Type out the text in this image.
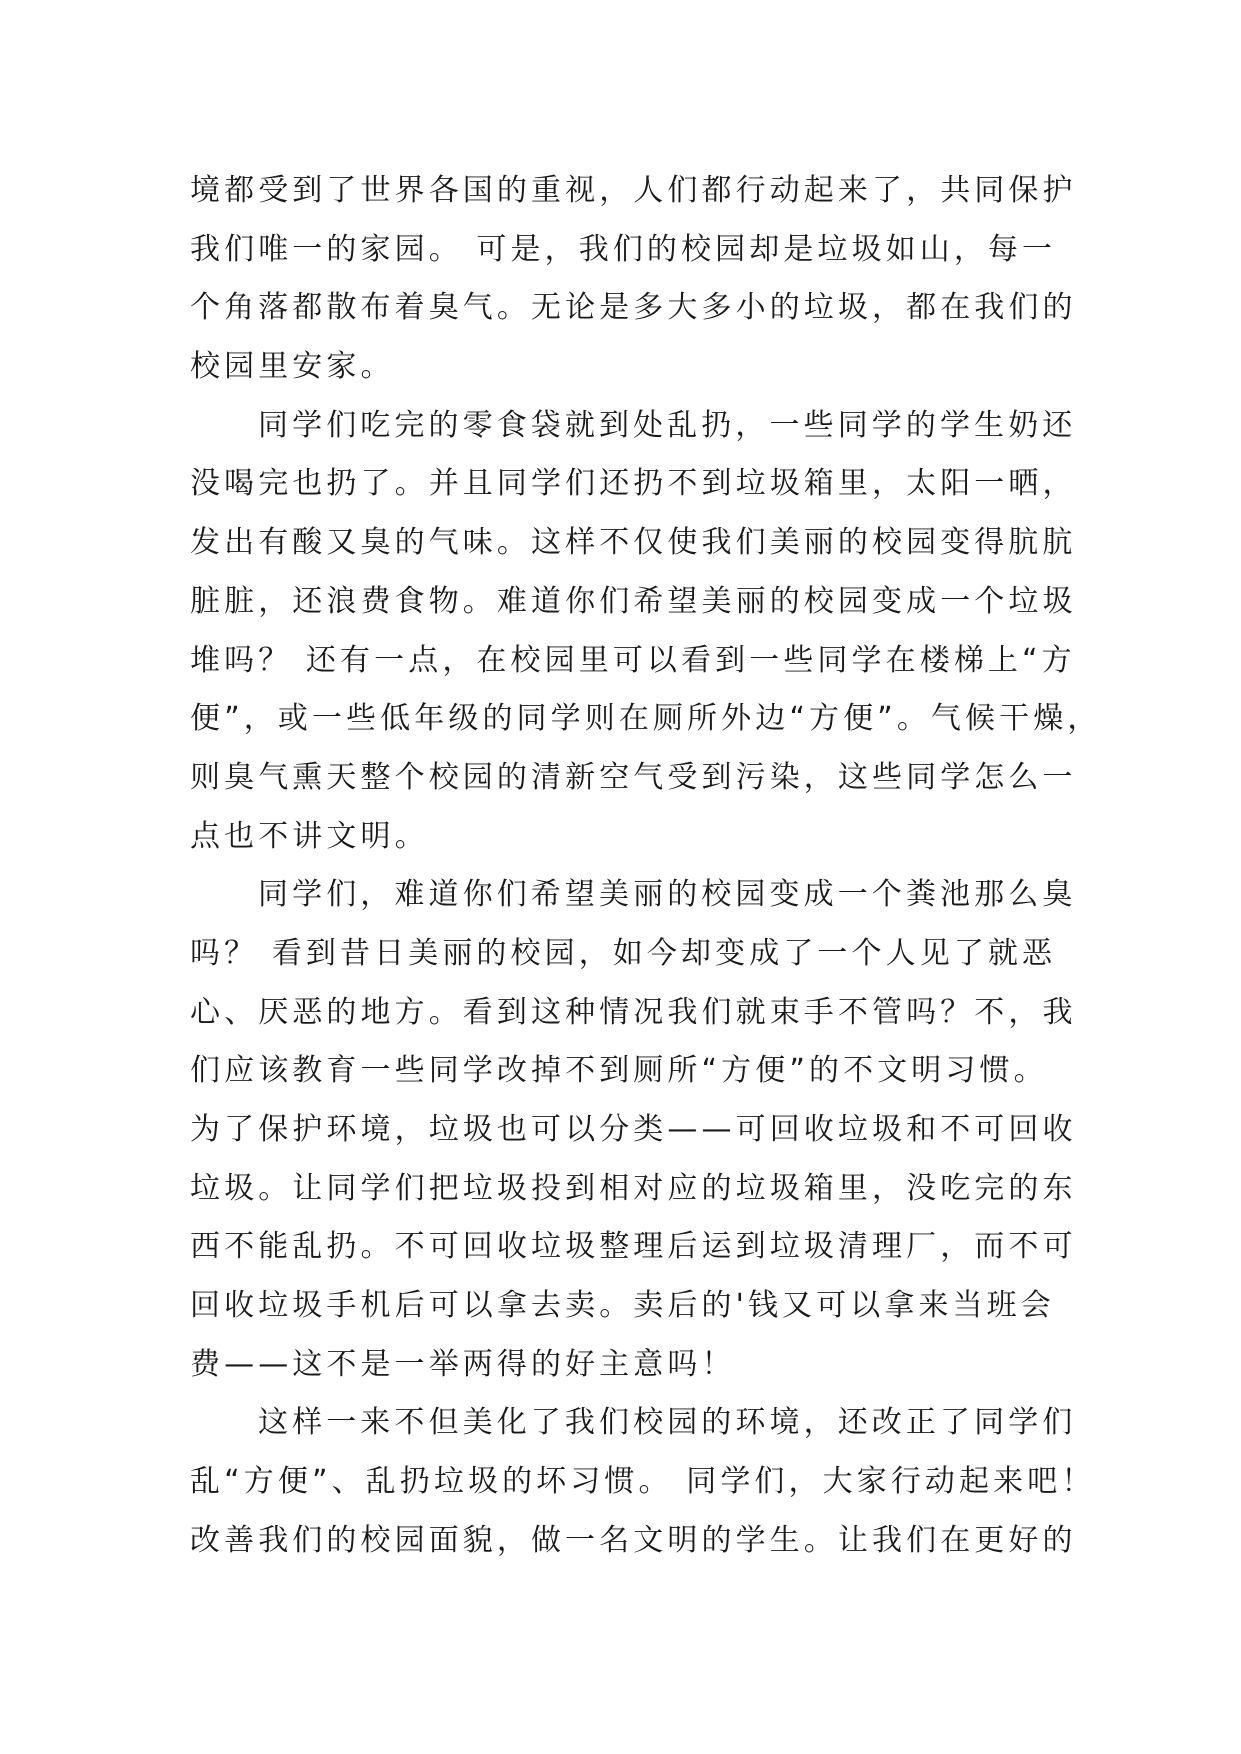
境都受到了世界各国的重视，人们都行动起来了，共同保护
我们唯一的家园。 可是，我们的校园却是垃圾如山，每一
个角落都散布着臭气。无论是多大多小的垃圾，都在我们的
校园里安家。
同学们吃完的零食袋就到处乱扔，一些同学的学生奶还
没喝完也扔了。并且同学们还扔不到垃圾箱里，太阳一晒，
发出有酸又臭的气味。这样不仅使我们美丽的校园变得肮肮
脏脏，还浪费食物。难道你们希望美丽的校园变成一个垃圾
堆吗？ 还有一点，在校园里可以看到一些同学在楼梯上“方
便”，或一些低年级的同学则在厕所外边“方便”。气候干燥，
则臭气熏天整个校园的清新空气受到污染，这些同学怎么一
点也不讲文明。
同学们，难道你们希望美丽的校园变成一个粪池那么臭
吗？ 看到昔日美丽的校园，如今却变成了一个人见了就恶
心、厌恶的地方。看到这种情况我们就束手不管吗？不，我
们应该教育一些同学改掉不到厕所“方便”的不文明习惯。
为了保护环境，垃圾也可以分类——可回收垃圾和不可回收
垃圾。让同学们把垃圾投到相对应的垃圾箱里，没吃完的东
西不能乱扔。不可回收垃圾整理后运到垃圾清理厂，而不可
回收垃圾手机后可以拿去卖。卖后的'钱又可以拿来当班会
费——这不是一举两得的好主意吗！
这样一来不但美化了我们校园的环境，还改正了同学们
乱“方便”、乱扔垃圾的坏习惯。 同学们，大家行动起来吧！
改善我们的校园面貌，做一名文明的学生。让我们在更好的
